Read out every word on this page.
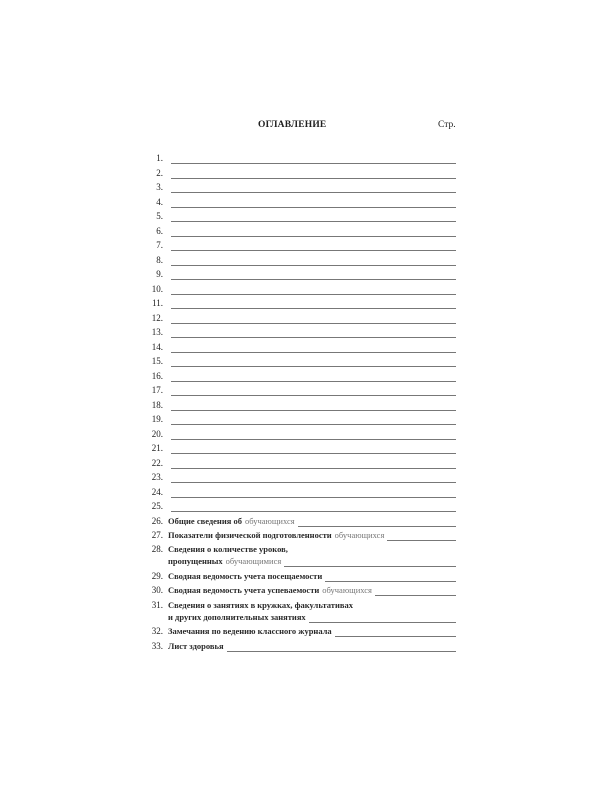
ОГЛАВЛЕНИЕ	Стр.
1.
2.
3.
4.
5.
6.
7.
8.
9.
10.
11.
12.
13.
14.
15.
16.
17.
18.
19.
20.
21.
22.
23.
24.
25.
26. Общие сведения об обучающихся
27. Показатели физической подготовленности обучающихся
28. Сведения о количестве уроков,
пропущенных обучающимися
29. Сводная ведомость учета посещаемости
30. Сводная ведомость учета успеваемости обучающихся
31. Сведения о занятиях в кружках, факультативах
и других дополнительных занятиях
32. Замечания по ведению классного журнала
33. Лист здоровья
